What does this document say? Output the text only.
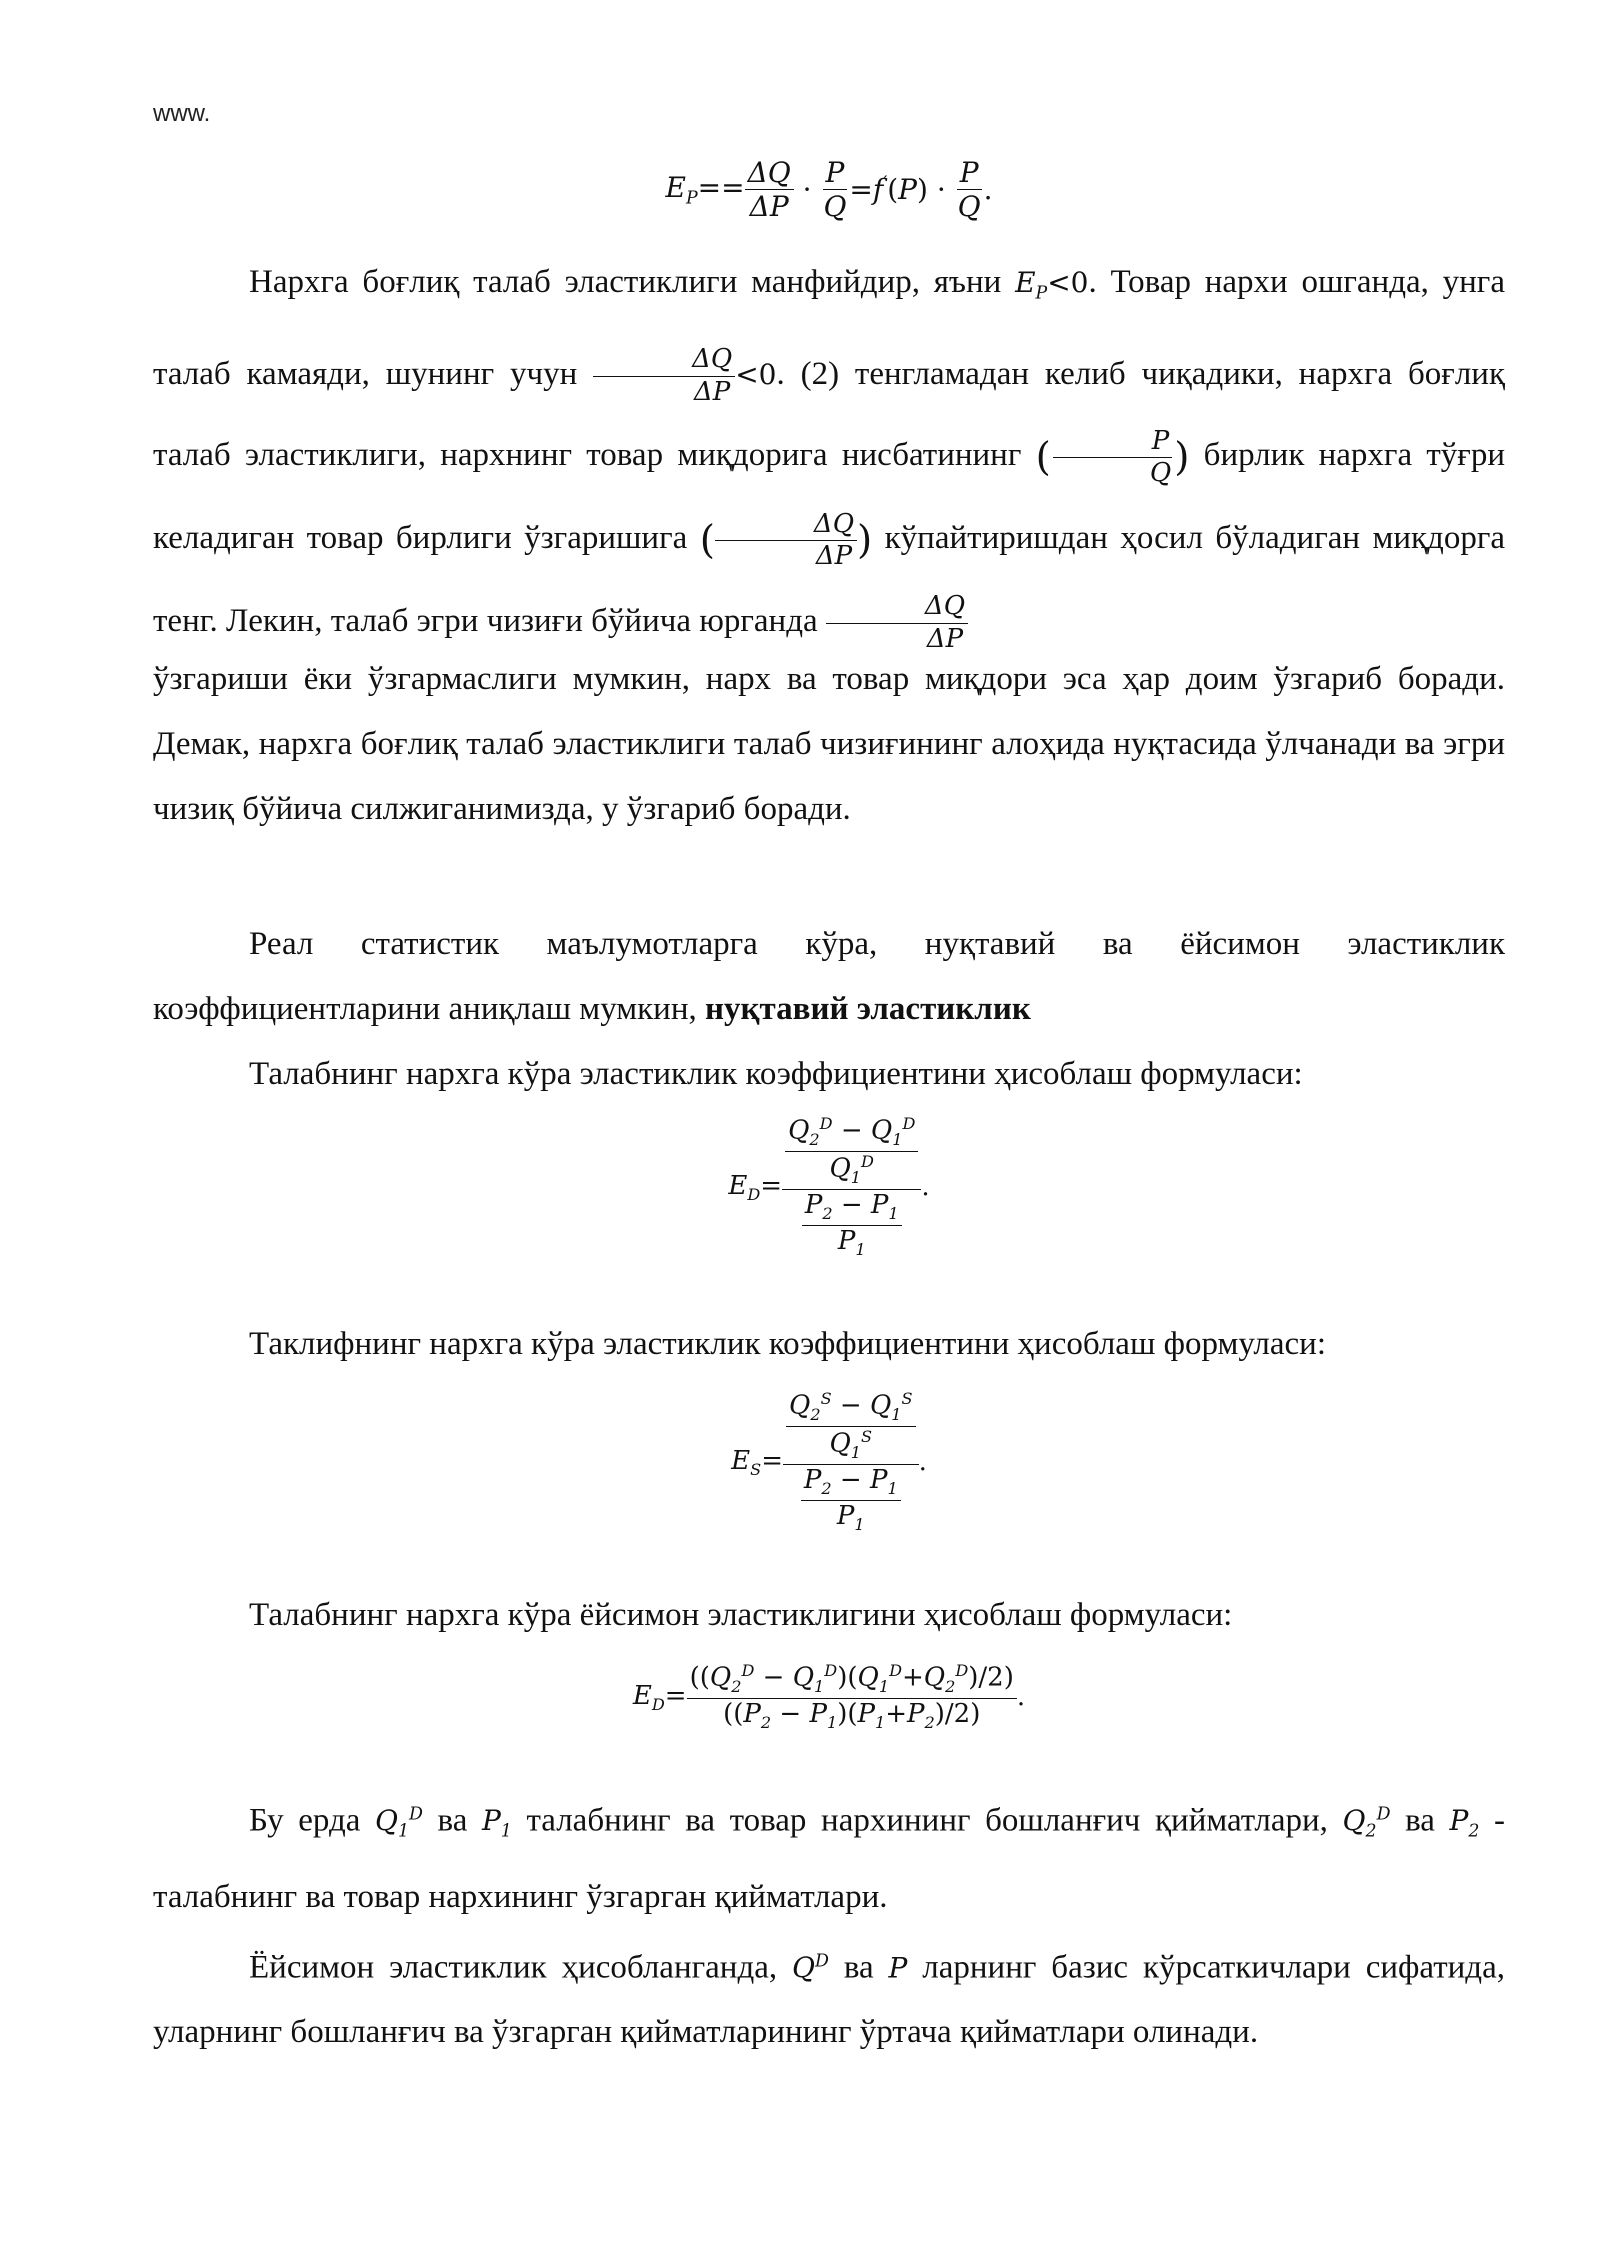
www.
$E_P== \frac{\Delta Q}{\Delta P} \cdot \frac{P}{Q} =f'(P) \cdot \frac{P}{Q}$ .

Нархга боғлиқ талаб эластиклиги манфийдир, яъни $E_P<0$. Товар нархи ошганда, унга талаб камаяди, шунинг учун $\frac{\Delta Q}{\Delta P} <0$. (2) тенгламадан келиб чиқадики, нархга боғлиқ талаб эластиклиги, нархнинг товар миқдорига нисбатининг ( $\frac{P}{Q}$ ) бирлик нархга тўғри келадиган товар бирлиги ўзгаришига ( $\frac{\Delta Q}{\Delta P}$ ) кўпайтиришдан ҳосил бўладиган миқдорга тенг. Лекин, талаб эгри чизиғи бўйича юрганда $\frac{\Delta Q}{\Delta P}$

ўзгариши ёки ўзгармаслиги мумкин, нарх ва товар миқдори эса ҳар доим ўзгариб боради. Демак, нархга боғлиқ талаб эластиклиги талаб чизиғининг алоҳида нуқтасида ўлчанади ва эгри чизиқ бўйича силжиганимизда, у ўзгариб боради.

Реал статистик маълумотларга кўра, нуқтавий ва ёйсимон эластиклик коэффициентларини аниқлаш мумкин, нуқтавий эластиклик

Талабнинг нархга кўра эластиклик коэффициентини ҳисоблаш формуласи:

$E_D= \frac{\frac{Q_2^D - Q_1^D}{Q_1^D}}{\frac{P_2 - P_1}{P_1}}$ .

Таклифнинг нархга кўра эластиклик коэффициентини ҳисоблаш формуласи:

$E_S= \frac{\frac{Q_2^S - Q_1^S}{Q_1^S}}{\frac{P_2 - P_1}{P_1}}$ .

Талабнинг нархга кўра ёйсимон эластиклигини ҳисоблаш формуласи:

$E_D= \frac{((Q_2^D - Q_1^D)(Q_1^D+Q_2^D)/2)}{((P_2 - P_1)(P_1+P_2)/2)}$ .

Бу ерда $Q_1^D$ ва $P_1$ талабнинг ва товар нархининг бошланғич қийматлари, $Q_2^D$ ва $P_2$ - талабнинг ва товар нархининг ўзгарган қийматлари.

Ёйсимон эластиклик ҳисобланганда, $Q^D$ ва P ларнинг базис кўрсаткичлари сифатида, уларнинг бошланғич ва ўзгарган қийматларининг ўртача қийматлари олинади.
